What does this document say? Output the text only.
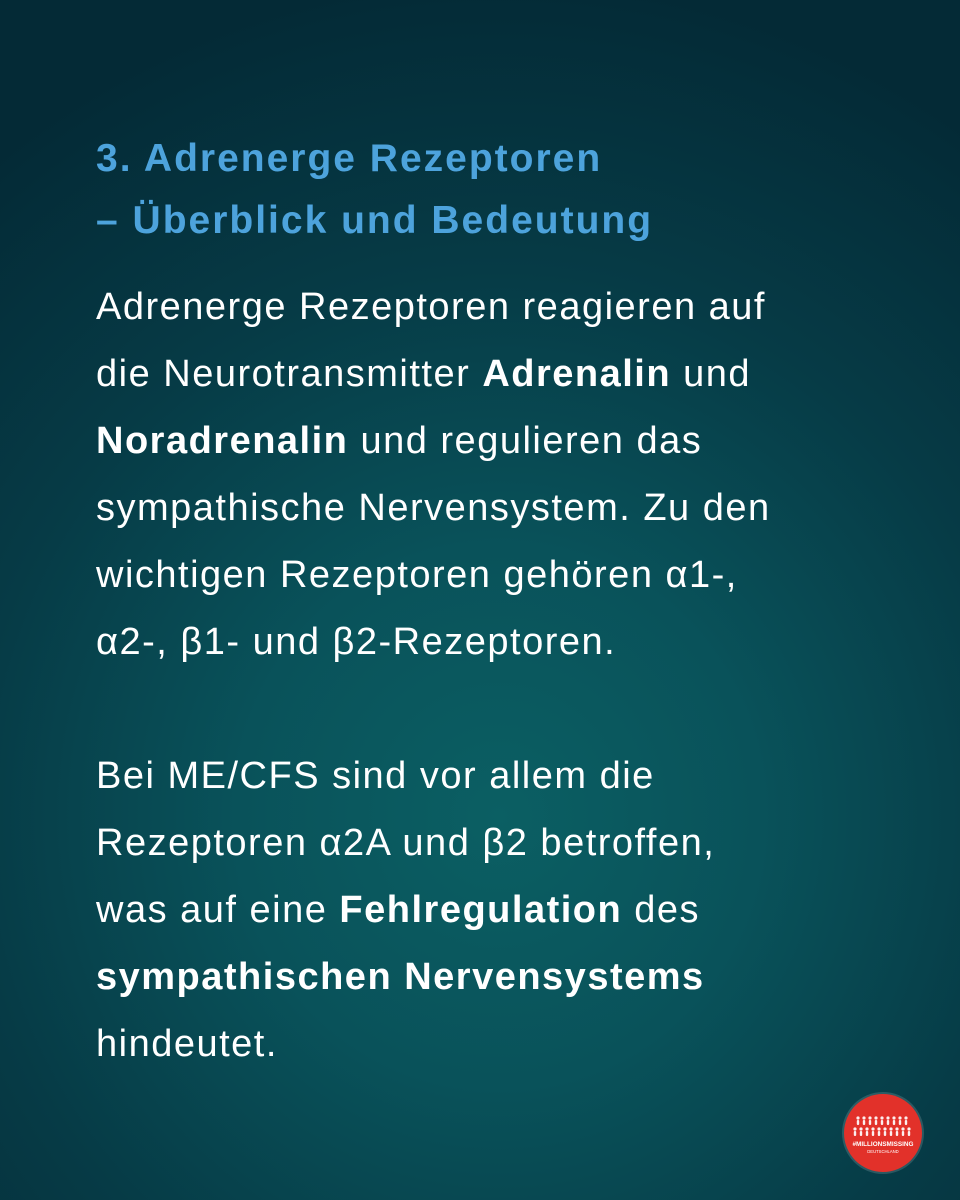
3. Adrenerge Rezeptoren
– Überblick und Bedeutung

Adrenerge Rezeptoren reagieren auf
die Neurotransmitter Adrenalin und
Noradrenalin und regulieren das
sympathische Nervensystem. Zu den
wichtigen Rezeptoren gehören α1-,
α2-, β1- und β2-Rezeptoren.

Bei ME/CFS sind vor allem die
Rezeptoren α2A und β2 betroffen,
was auf eine Fehlregulation des
sympathischen Nervensystems
hindeutet.

#MILLIONSMISSING
DEUTSCHLAND
